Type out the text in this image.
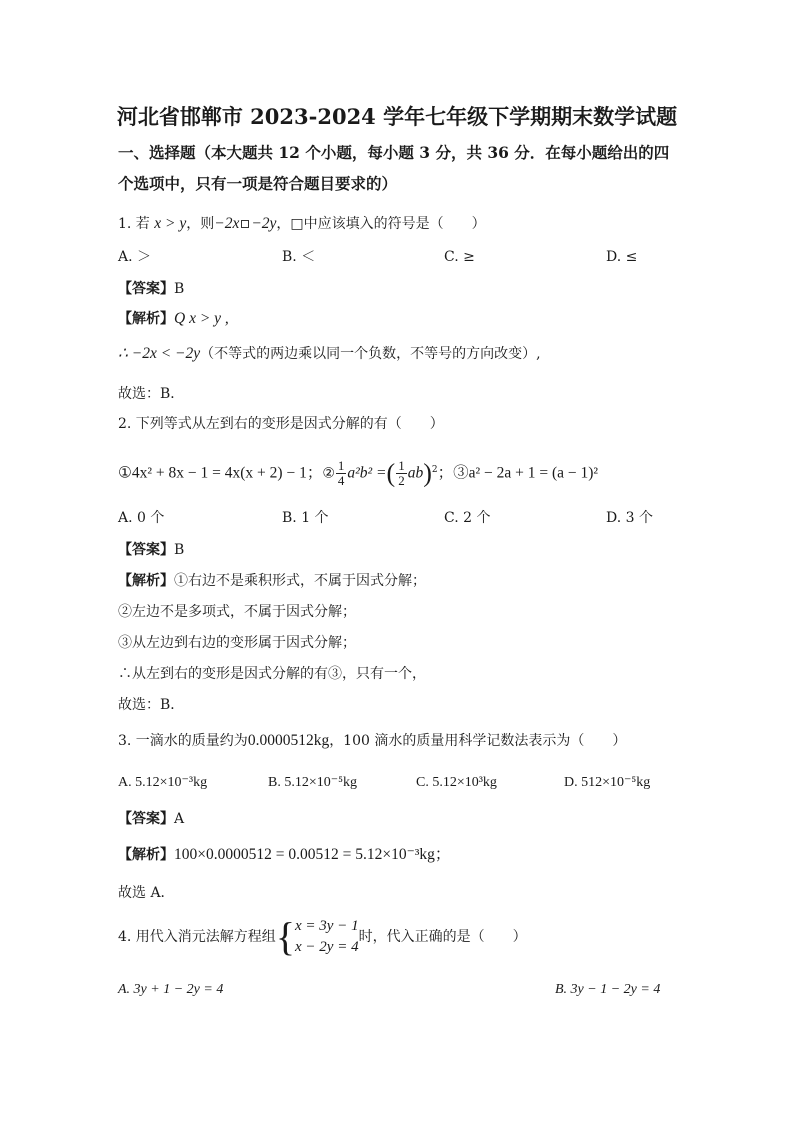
河北省邯郸市 2023-2024 学年七年级下学期期末数学试题
一、选择题（本大题共 12 个小题，每小题 3 分，共 36 分．在每小题给出的四
个选项中，只有一项是符合题目要求的）
1. 若 x > y，则−2x −2y，□中应该填入的符号是（　　）
A. ＞	B. ＜	C. ≥	D. ≤
【答案】B
【解析】Q x > y ,
∴ −2x < −2y（不等式的两边乘以同一个负数，不等号的方向改变）,
故选：B．
2. 下列等式从左到右的变形是因式分解的有（　　）
①4x² + 8x − 1 = 4x(x + 2) − 1；② $\frac{1}{4} a^2b^2$ =( $\frac{1}{2} ab)^2$；③a² − 2a + 1 = (a − 1)²
A. 0 个	B. 1 个	C. 2 个	D. 3 个
【答案】B
【解析】①右边不是乘积形式，不属于因式分解；
②左边不是多项式，不属于因式分解；
③从左边到右边的变形属于因式分解；
∴从左到右的变形是因式分解的有③，只有一个，
故选：B．
3. 一滴水的质量约为0.0000512kg，100 滴水的质量用科学记数法表示为（　　）
A. 5.12×10⁻³kg	B. 5.12×10⁻⁵kg	C. 5.12×10³kg	D. 512×10⁻⁵kg
【答案】A
【解析】100×0.0000512 = 0.00512 = 5.12×10⁻³kg；
故选 A．
4. 用代入消元法解方程组{ x = 3y − 1
x − 2y = 4
时，代入正确的是（　　）
A. 3y + 1 − 2y = 4	B. 3y − 1 − 2y = 4
